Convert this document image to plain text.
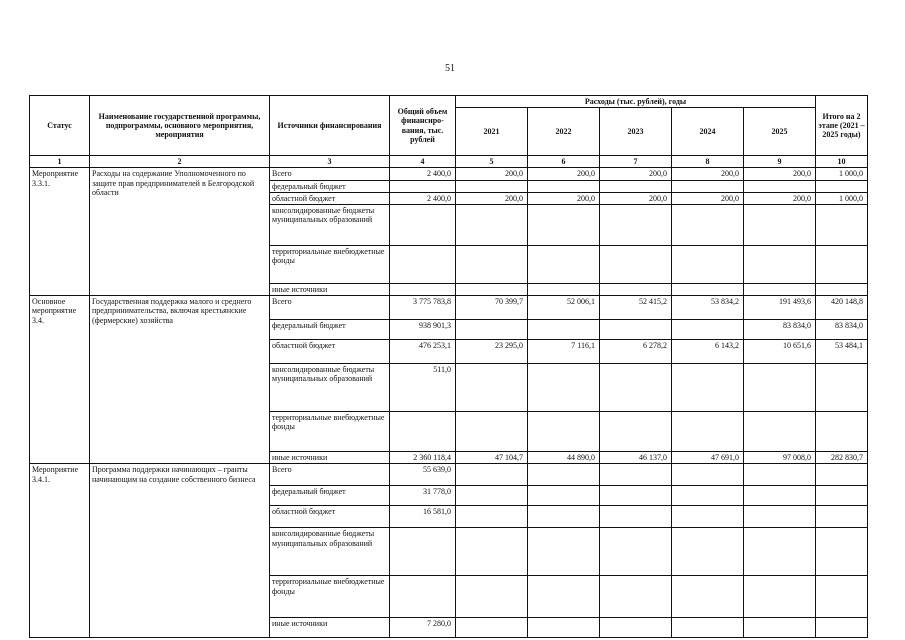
51
Статус	Наименование государственной программы, подпрограммы, основного мероприятия, мероприятия	Источники финансирования	Общий объем финансиро-вания, тыс. рублей	Расходы (тыс. рублей), годы					Итого на 2 этапе (2021 – 2025 годы)
				2021	2022	2023	2024	2025	
1	2	3	4	5	6	7	8	9	10
Мероприятие 3.3.1.	Расходы на содержание Уполномоченного по защите прав предпринимателей в Белгородской области	Всего	2 400,0	200,0	200,0	200,0	200,0	200,0	1 000,0
		федеральный бюджет							
		областной бюджет	2 400,0	200,0	200,0	200,0	200,0	200,0	1 000,0
		консолидированные бюджеты муниципальных образований							
		территориальные внебюджетные фонды							
		иные источники							
Основное мероприятие 3.4.	Государственная поддержка малого и среднего предпринимательства, включая крестьянские (фермерские) хозяйства	Всего	3 775 783,8	70 399,7	52 006,1	52 415,2	53 834,2	191 493,6	420 148,8
		федеральный бюджет	938 901,3					83 834,0	83 834,0
		областной бюджет	476 253,1	23 295,0	7 116,1	6 278,2	6 143,2	10 651,6	53 484,1
		консолидированные бюджеты муниципальных образований	511,0						
		территориальные внебюджетные фонды							
		иные источники	2 360 118,4	47 104,7	44 890,0	46 137,0	47 691,0	97 008,0	282 830,7
Мероприятие 3.4.1.	Программа поддержки начинающих – гранты начинающим на создание собственного бизнеса	Всего	55 639,0						
		федеральный бюджет	31 778,0						
		областной бюджет	16 581,0						
		консолидированные бюджеты муниципальных образований							
		территориальные внебюджетные фонды							
		иные источники	7 280,0						
